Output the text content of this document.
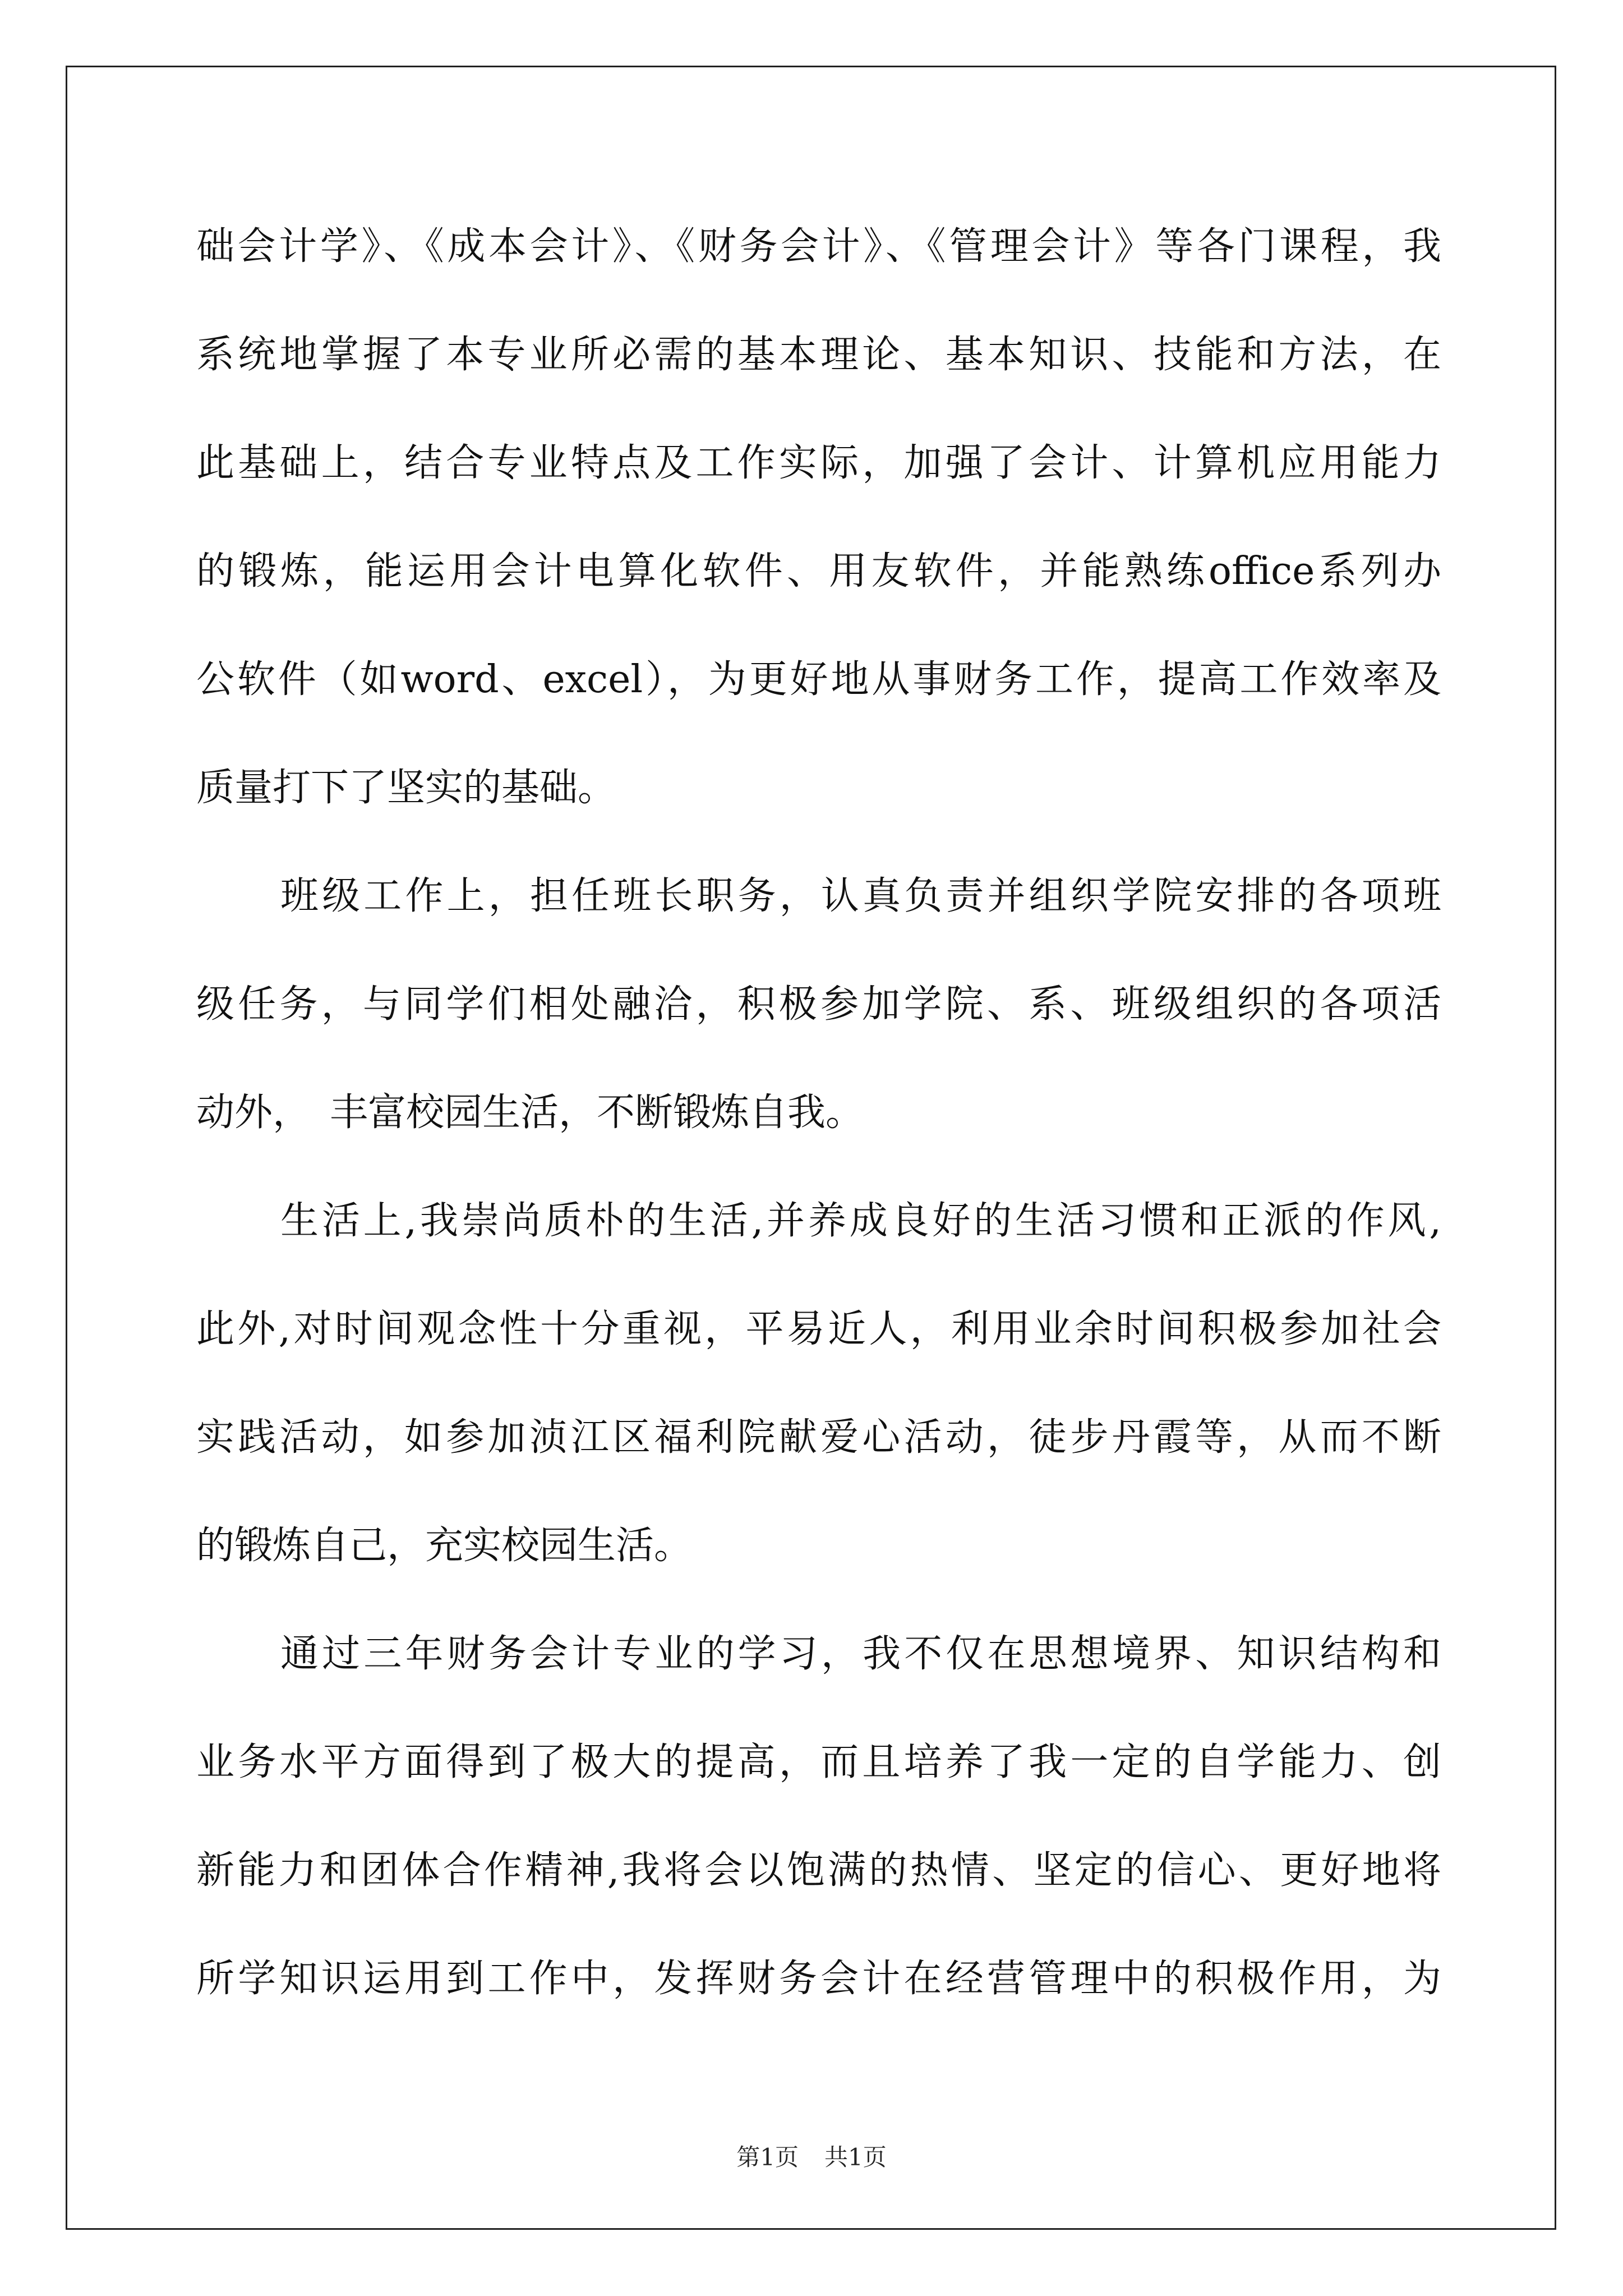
础会计学》、《成本会计》、《财务会计》、《管理会计》等各门课程，我
系统地掌握了本专业所必需的基本理论、基本知识、技能和方法，在
此基础上，结合专业特点及工作实际，加强了会计、计算机应用能力
的锻炼，能运用会计电算化软件、用友软件，并能熟练office系列办
公软件（如word、excel），为更好地从事财务工作，提高工作效率及
质量打下了坚实的基础。
班级工作上，担任班长职务，认真负责并组织学院安排的各项班
级任务，与同学们相处融洽，积极参加学院、系、班级组织的各项活
动外，　丰富校园生活，不断锻炼自我。
生活上,我崇尚质朴的生活,并养成良好的生活习惯和正派的作风,
此外,对时间观念性十分重视，平易近人，利用业余时间积极参加社会
实践活动，如参加浈江区福利院献爱心活动，徒步丹霞等，从而不断
的锻炼自己，充实校园生活。
通过三年财务会计专业的学习，我不仅在思想境界、知识结构和
业务水平方面得到了极大的提高，而且培养了我一定的自学能力、创
新能力和团体合作精神,我将会以饱满的热情、坚定的信心、更好地将
所学知识运用到工作中，发挥财务会计在经营管理中的积极作用，为
第1页 共1页
